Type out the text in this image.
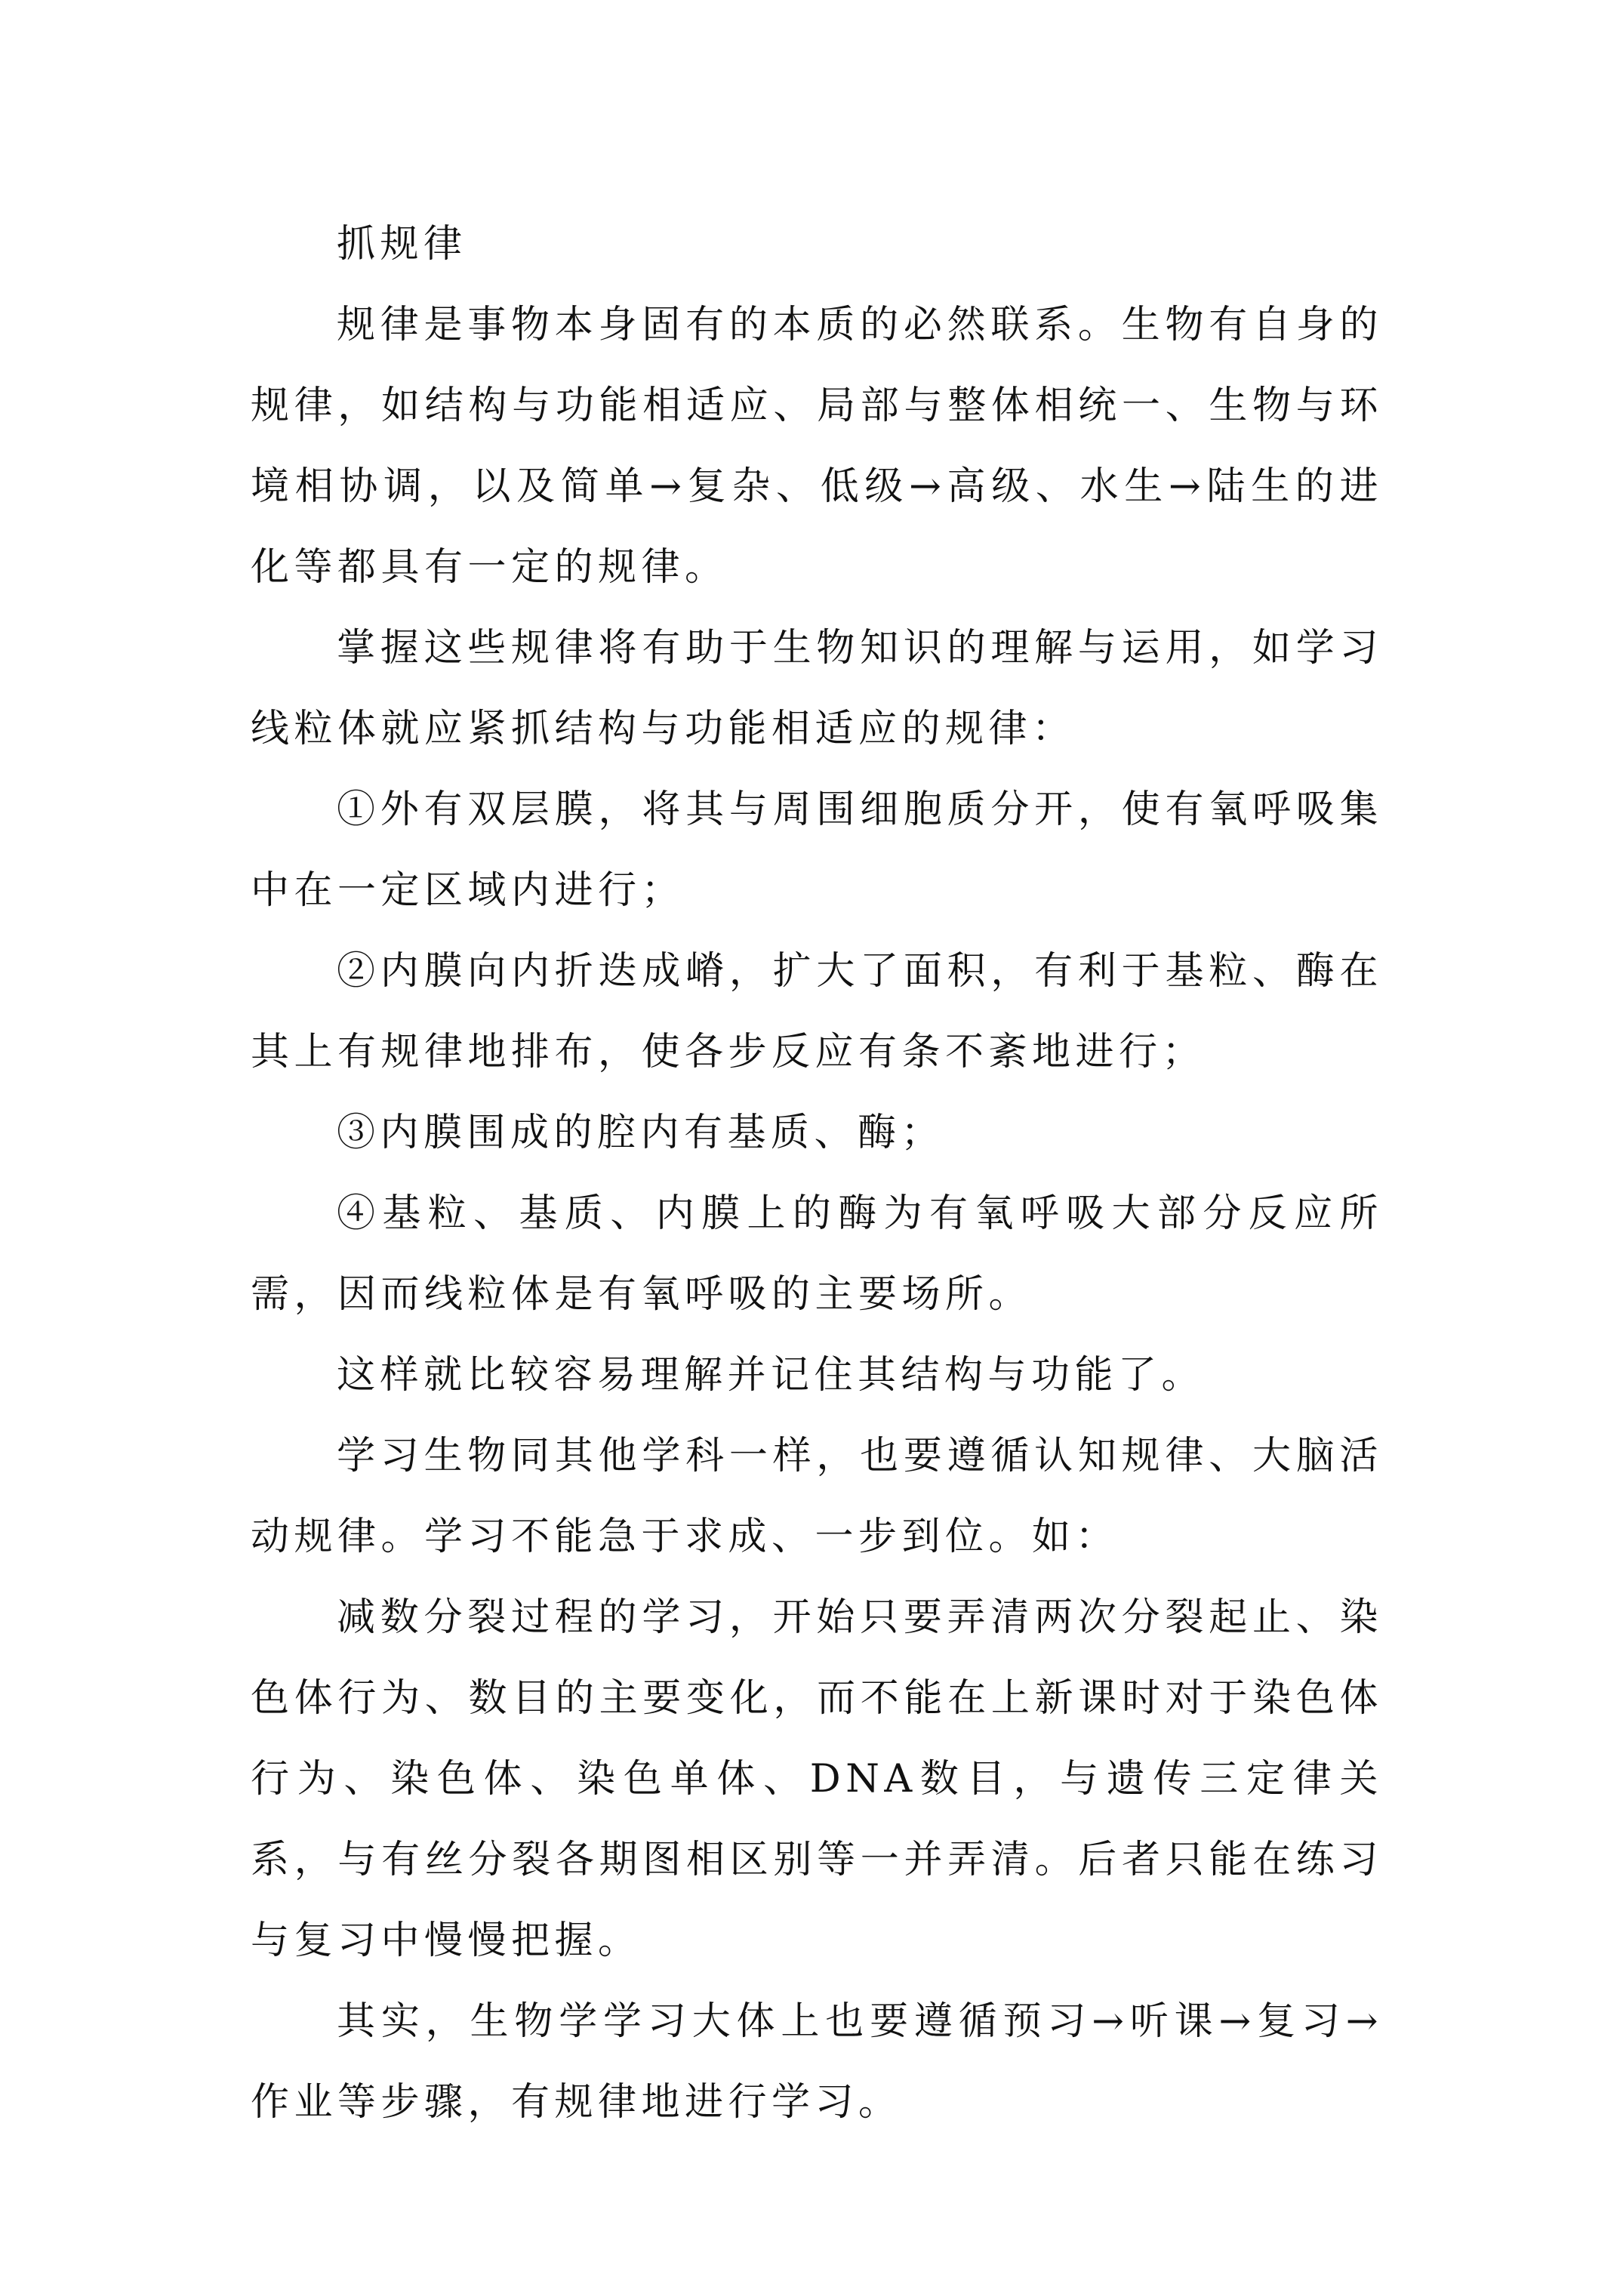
抓规律

规律是事物本身固有的本质的必然联系。生物有自身的规律，如结构与功能相适应、局部与整体相统一、生物与环境相协调，以及简单→复杂、低级→高级、水生→陆生的进化等都具有一定的规律。

掌握这些规律将有助于生物知识的理解与运用，如学习线粒体就应紧抓结构与功能相适应的规律：

①外有双层膜，将其与周围细胞质分开，使有氧呼吸集中在一定区域内进行；

②内膜向内折迭成嵴，扩大了面积，有利于基粒、酶在其上有规律地排布，使各步反应有条不紊地进行；

③内膜围成的腔内有基质、酶；

④基粒、基质、内膜上的酶为有氧呼吸大部分反应所需，因而线粒体是有氧呼吸的主要场所。

这样就比较容易理解并记住其结构与功能了。

学习生物同其他学科一样，也要遵循认知规律、大脑活动规律。学习不能急于求成、一步到位。如：

减数分裂过程的学习，开始只要弄清两次分裂起止、染色体行为、数目的主要变化，而不能在上新课时对于染色体行为、染色体、染色单体、DNA数目，与遗传三定律关系，与有丝分裂各期图相区别等一并弄清。后者只能在练习与复习中慢慢把握。

其实，生物学学习大体上也要遵循预习→听课→复习→作业等步骤，有规律地进行学习。
